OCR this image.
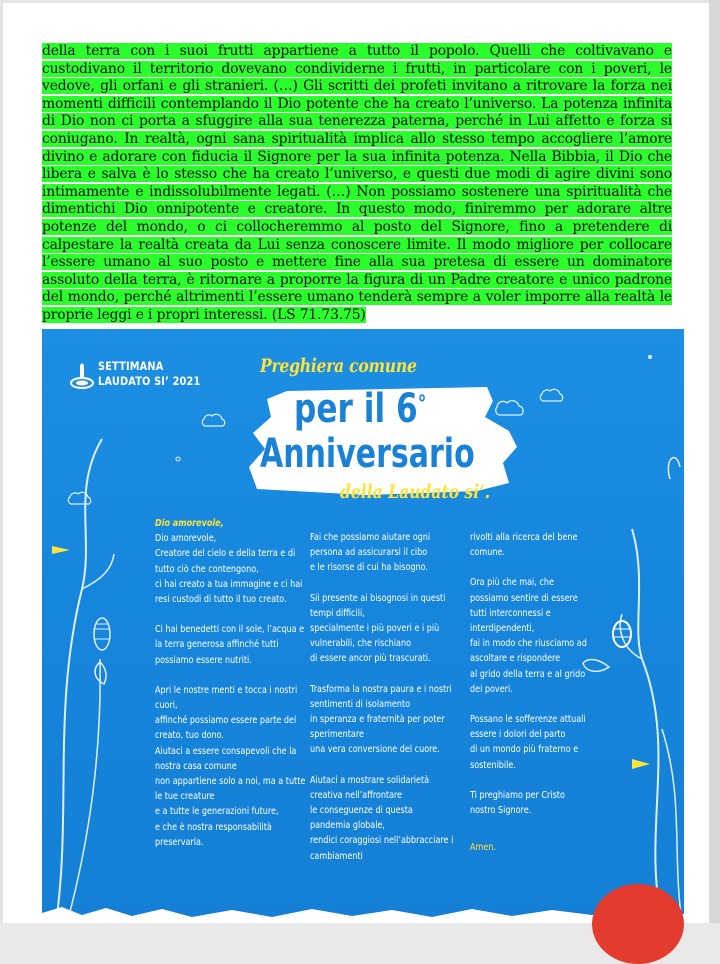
della terra con i suoi frutti appartiene a tutto il popolo. Quelli che coltivavano e custodivano il territorio dovevano condividerne i frutti, in particolare con i poveri, le vedove, gli orfani e gli stranieri. (…) Gli scritti dei profeti invitano a ritrovare la forza nei momenti difficili contemplando il Dio potente che ha creato l’universo. La potenza infinita di Dio non ci porta a sfuggire alla sua tenerezza paterna, perché in Lui affetto e forza si coniugano. In realtà, ogni sana spiritualità implica allo stesso tempo accogliere l’amore divino e adorare con fiducia il Signore per la sua infinita potenza. Nella Bibbia, il Dio che libera e salva è lo stesso che ha creato l’universo, e questi due modi di agire divini sono intimamente e indissolubilmente legati. (…) Non possiamo sostenere una spiritualità che dimentichi Dio onnipotente e creatore. In questo modo, finiremmo per adorare altre potenze del mondo, o ci collocheremmo al posto del Signore, fino a pretendere di calpestare la realtà creata da Lui senza conoscere limite. Il modo migliore per collocare l’essere umano al suo posto e mettere fine alla sua pretesa di essere un dominatore assoluto della terra, è ritornare a proporre la figura di un Padre creatore e unico padrone del mondo, perché altrimenti l’essere umano tenderà sempre a voler imporre alla realtà le proprie leggi e i propri interessi. (LS 71.73.75)
SETTIMANA
LAUDATO SI’ 2021
Preghiera comune
per il 6°
Anniversario
della Laudato si’.
Dio amorevole,

Dio amorevole,
Creatore del cielo e della terra e di
tutto ciò che contengono,
ci hai creato a tua immagine e ci hai
resi custodi di tutto il tuo creato.

Ci hai benedetti con il sole, l’acqua e
la terra generosa affinché tutti
possiamo essere nutriti.

Apri le nostre menti e tocca i nostri
cuori,
affinché possiamo essere parte del
creato, tuo dono.
Aiutaci a essere consapevoli che la
nostra casa comune
non appartiene solo a noi, ma a tutte
le tue creature
e a tutte le generazioni future,
e che è nostra responsabilità
preservarla.

Fai che possiamo aiutare ogni
persona ad assicurarsi il cibo
e le risorse di cui ha bisogno.

Sii presente ai bisognosi in questi
tempi difficili,
specialmente i più poveri e i più
vulnerabili, che rischiano
di essere ancor più trascurati.

Trasforma la nostra paura e i nostri
sentimenti di isolamento
in speranza e fraternità per poter
sperimentare
una vera conversione del cuore.

Aiutaci a mostrare solidarietà
creativa nell’affrontare
le conseguenze di questa
pandemia globale,
rendici coraggiosi nell’abbracciare i
cambiamenti

rivolti alla ricerca del bene
comune.

Ora più che mai, che
possiamo sentire di essere
tutti interconnessi e
interdipendenti,
fai in modo che riusciamo ad
ascoltare e rispondere
al grido della terra e al grido
dei poveri.

Possano le sofferenze attuali
essere i dolori del parto
di un mondo più fraterno e
sostenibile.

Ti preghiamo per Cristo
nostro Signore.

Amen.
